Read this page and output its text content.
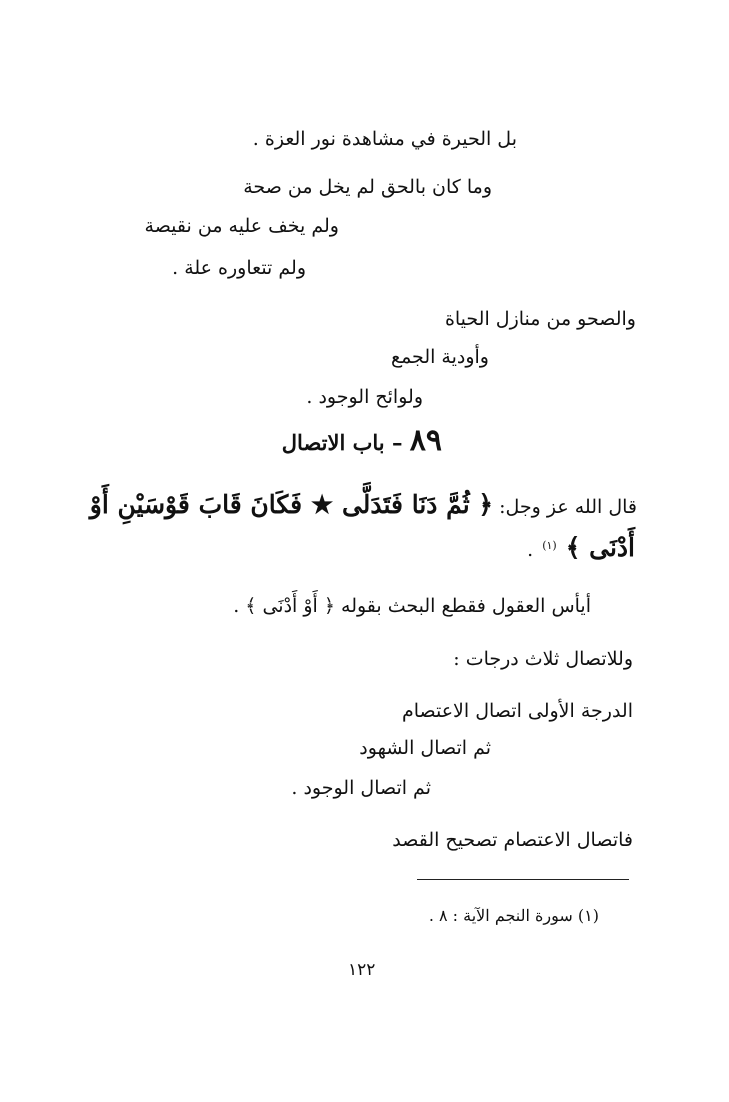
بل الحيرة في مشاهدة نور العزة .
وما كان بالحق لم يخل من صحة
ولم يخف عليه من نقيصة
ولم تتعاوره علة .
والصحو من منازل الحياة
وأودية الجمع
ولوائح الوجود .
٨٩ – باب الاتصال
قال الله عز وجل: ﴿ ثُمَّ دَنَا فَتَدَلَّى ★ فَكَانَ قَابَ قَوْسَيْنِ أَوْ
أَدْنَى ﴾ $^{(١)}$ .
أيأس العقول فقطع البحث بقوله ﴿ أَوْ أَدْنَى ﴾ .
وللاتصال ثلاث درجات :
الدرجة الأولى اتصال الاعتصام
ثم اتصال الشهود
ثم اتصال الوجود .
فاتصال الاعتصام تصحيح القصد
(١) سورة النجم الآية : ٨ .
١٢٢
